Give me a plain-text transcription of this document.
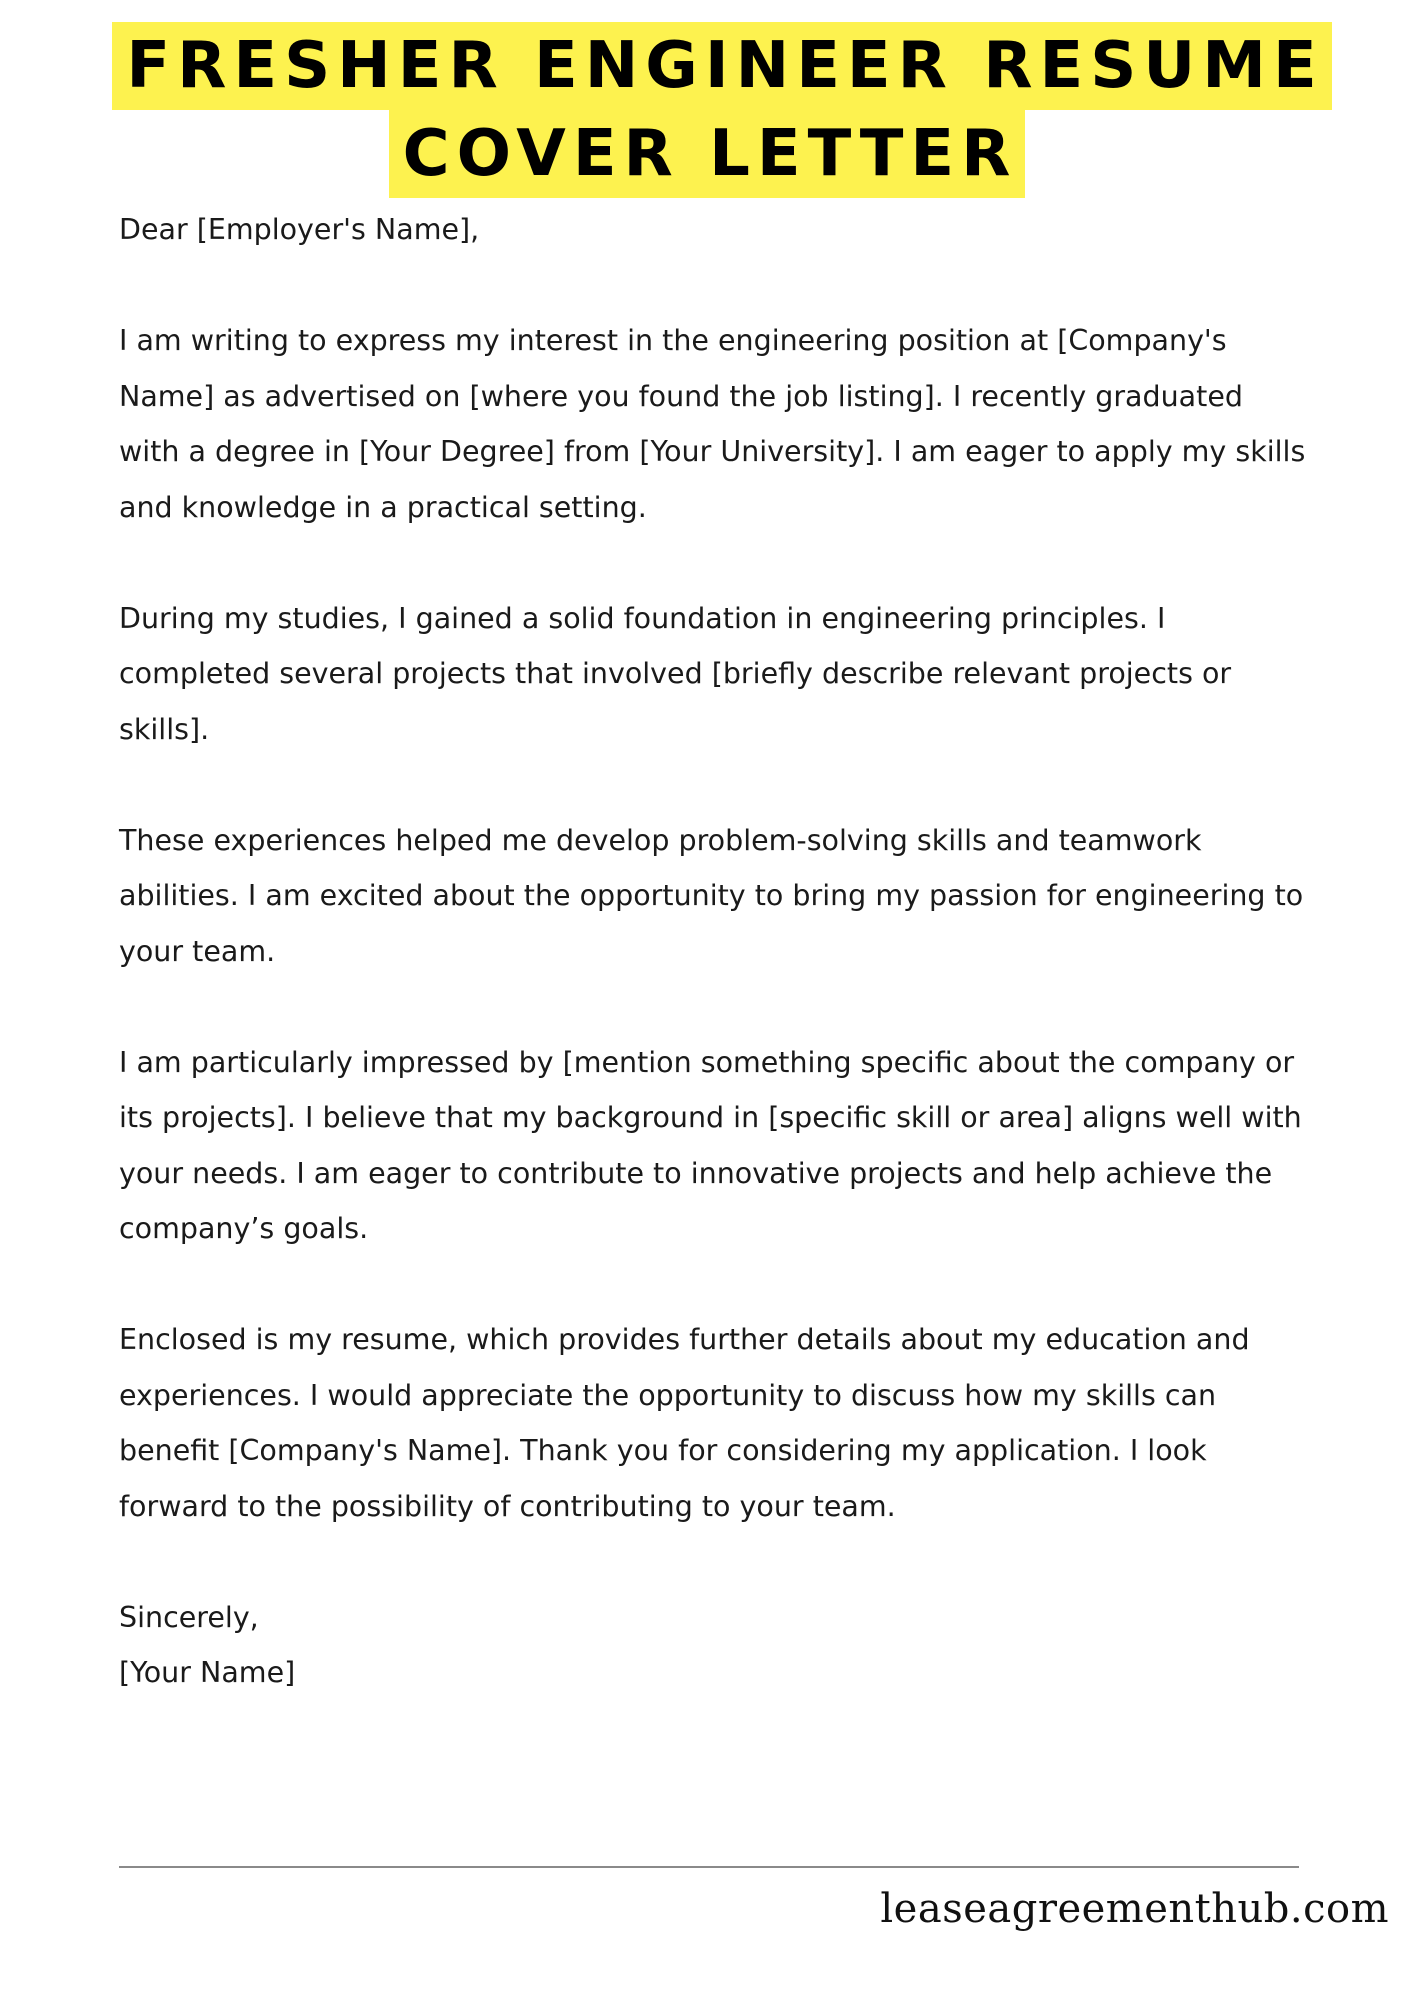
FRESHER ENGINEER RESUME
COVER LETTER

Dear [Employer's Name],

I am writing to express my interest in the engineering position at [Company's Name] as advertised on [where you found the job listing]. I recently graduated with a degree in [Your Degree] from [Your University]. I am eager to apply my skills and knowledge in a practical setting.

During my studies, I gained a solid foundation in engineering principles. I completed several projects that involved [briefly describe relevant projects or skills].

These experiences helped me develop problem-solving skills and teamwork abilities. I am excited about the opportunity to bring my passion for engineering to your team.

I am particularly impressed by [mention something specific about the company or its projects]. I believe that my background in [specific skill or area] aligns well with your needs. I am eager to contribute to innovative projects and help achieve the company’s goals.

Enclosed is my resume, which provides further details about my education and experiences. I would appreciate the opportunity to discuss how my skills can benefit [Company's Name]. Thank you for considering my application. I look forward to the possibility of contributing to your team.

Sincerely,

[Your Name]

leaseagreementhub.com
